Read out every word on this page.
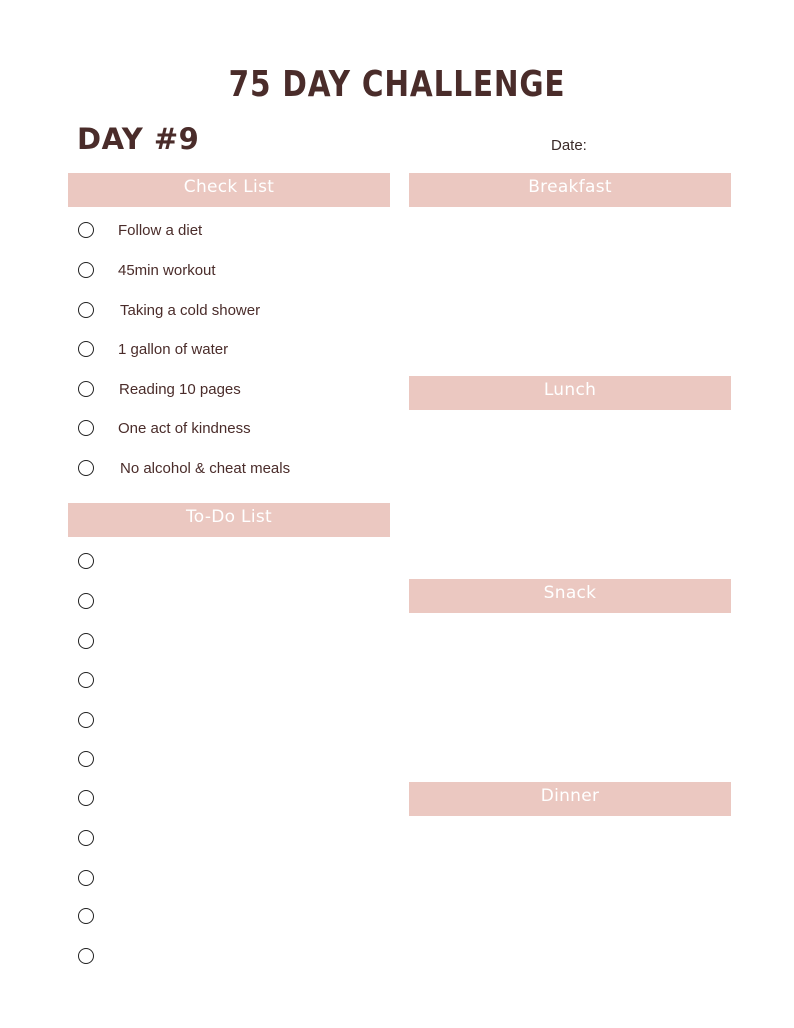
75 DAY CHALLENGE
DAY #9	Date:
Check List
Follow a diet
45min workout
Taking a cold shower
1 gallon of water
Reading 10 pages
One act of kindness
No alcohol & cheat meals
To-Do List
Breakfast
Lunch
Snack
Dinner
